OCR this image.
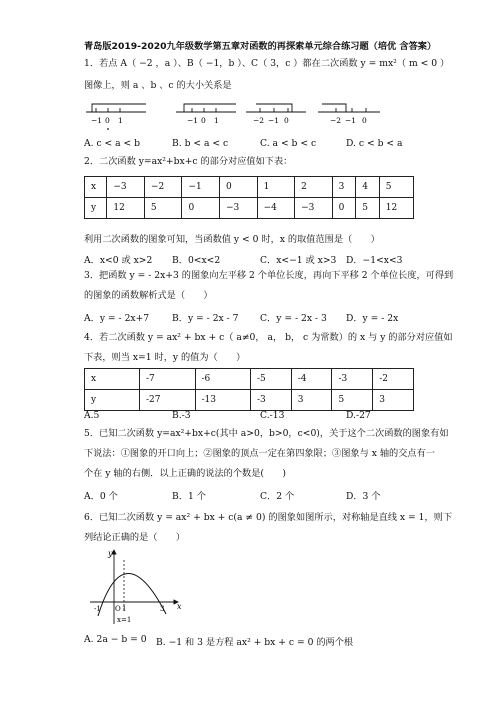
青岛版2019-2020九年级数学第五章对函数的再探索单元综合练习题（培优 含答案）
1．若点 A（ −2 ，a ）、B（ −1，b ）、C（ 3，c ）都在二次函数 y = mx²（ m < 0 ）
图像上，则 a 、b 、c 的大小关系是
−1 0 1	−1 0 1	−2 −1 0	−2 −1 0
A. c < a < b	B. b < a < c	C. a < b < c	D. c < b < a
2．二次函数 y=ax²+bx+c 的部分对应值如下表：
x	−3	−2	−1	0	1	2	3	4	5
y	12	5	0	−3	−4	−3	0	5	12
利用二次函数的图象可知，当函数值 y < 0 时，x 的取值范围是（　　）
A．x<0 或 x>2 B．0<x<2	C．x<−1 或 x>3 D．−1<x<3
3．把函数 y = - 2x+3 的图象向左平移 2 个单位长度，再向下平移 2 个单位长度，可得到
的图象的函数解析式是（　　）
A．y = - 2x+7 B．y = - 2x - 7 C．y = - 2x - 3 D．y = - 2x
4．若二次函数 y = ax² + bx + c（ a≠0， a， b， c 为常数）的 x 与 y 的部分对应值如
下表，则当 x=1 时，y 的值为（　　）
x	-7	-6	-5	-4	-3	-2
y	-27	-13	-3	3	5	3
A.5	B.-3	C.-13	D.-27
5．已知二次函数 y=ax²+bx+c(其中 a>0，b>0，c<0)，关于这个二次函数的图象有如
下说法：①图象的开口向上；②图象的顶点一定在第四象限；③图象与 x 轴的交点有一
个在 y 轴的右侧．以上正确的说法的个数是(　　)
A．0 个	B．1 个	C．2 个	D．3 个
6．已知二次函数 y = ax² + bx + c(a ≠ 0) 的图象如图所示，对称轴是直线 x = 1，则下
列结论正确的是（　　）
y
x
O
-1	1	3
x=1
A. 2a − b = 0 B. −1 和 3 是方程 ax² + bx + c = 0 的两个根
